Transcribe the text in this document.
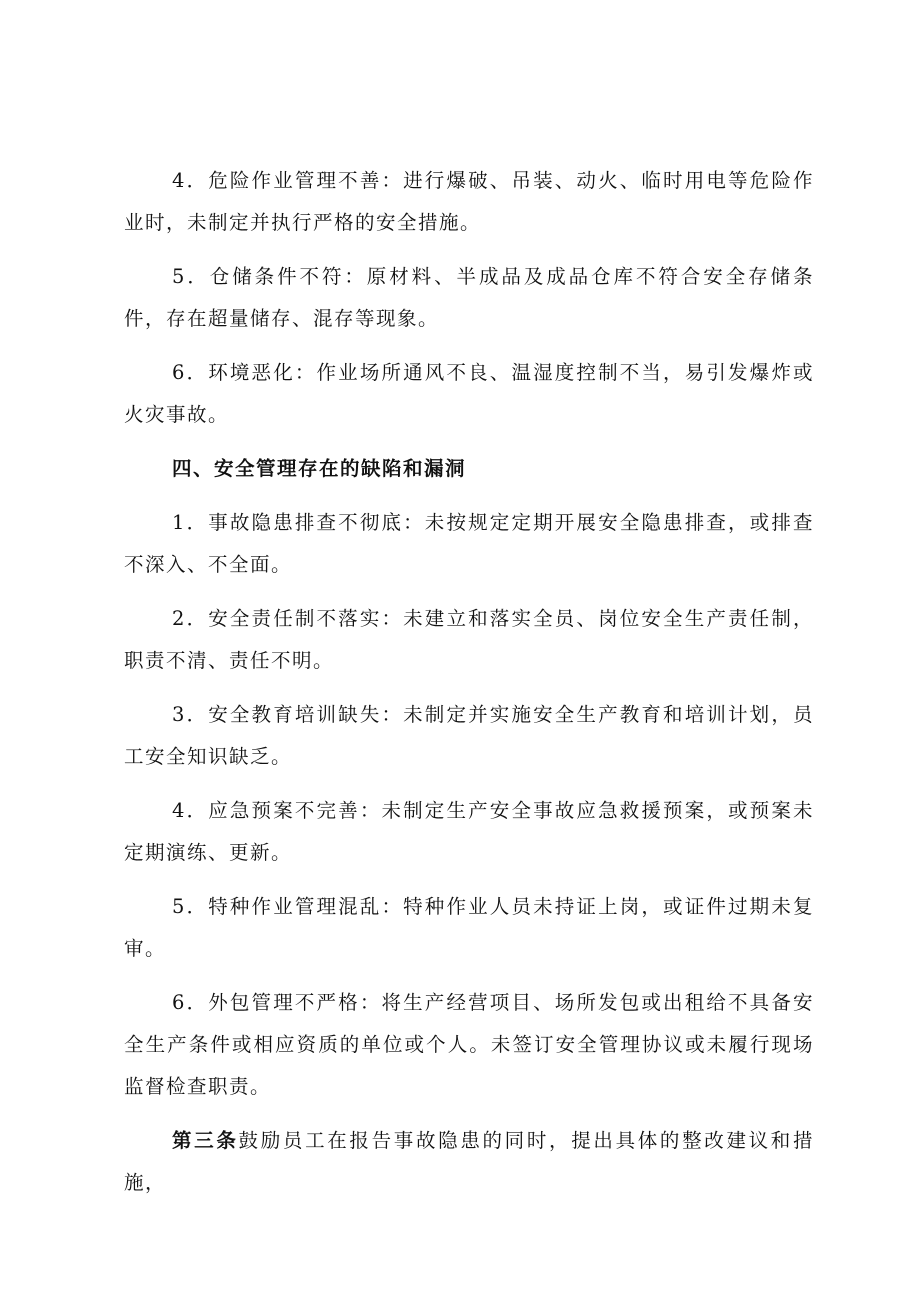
4．危险作业管理不善：进行爆破、吊装、动火、临时用电等危险作业时，未制定并执行严格的安全措施。

5．仓储条件不符：原材料、半成品及成品仓库不符合安全存储条件，存在超量储存、混存等现象。

6．环境恶化：作业场所通风不良、温湿度控制不当，易引发爆炸或火灾事故。

四、安全管理存在的缺陷和漏洞

1．事故隐患排查不彻底：未按规定定期开展安全隐患排查，或排查不深入、不全面。

2．安全责任制不落实：未建立和落实全员、岗位安全生产责任制，职责不清、责任不明。

3．安全教育培训缺失：未制定并实施安全生产教育和培训计划，员工安全知识缺乏。

4．应急预案不完善：未制定生产安全事故应急救援预案，或预案未定期演练、更新。

5．特种作业管理混乱：特种作业人员未持证上岗，或证件过期未复审。

6．外包管理不严格：将生产经营项目、场所发包或出租给不具备安全生产条件或相应资质的单位或个人。未签订安全管理协议或未履行现场监督检查职责。

第三条鼓励员工在报告事故隐患的同时，提出具体的整改建议和措施，
